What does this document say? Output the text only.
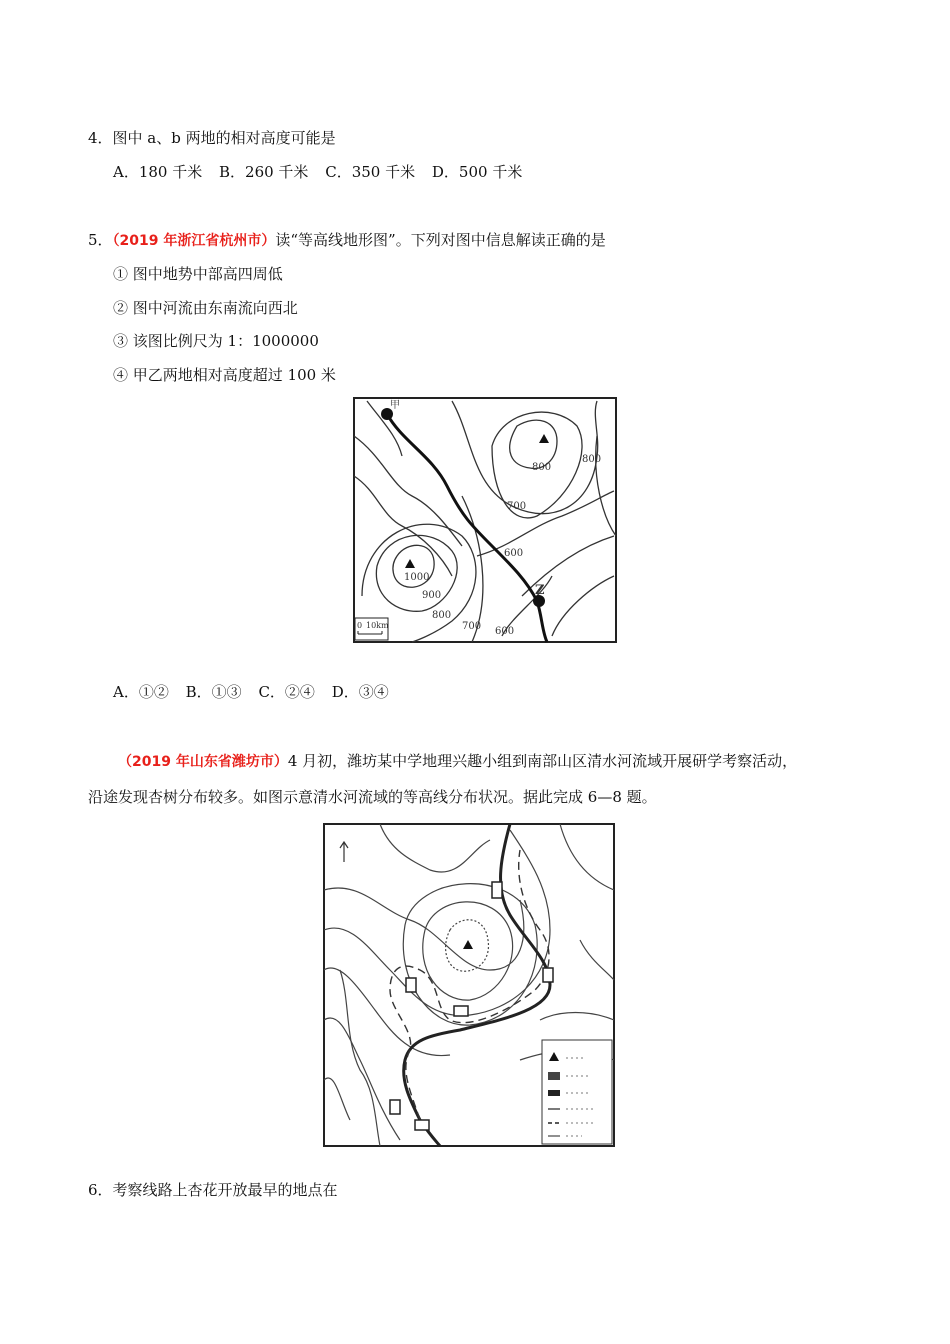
4．图中 a、b 两地的相对高度可能是
A．180 千米 B．260 千米 C．350 千米 D．500 千米
5．（2019 年浙江省杭州市）读“等高线地形图”。下列对图中信息解读正确的是
① 图中地势中部高四周低
② 图中河流由东南流向西北
③ 该图比例尺为 1：1000000
④ 甲乙两地相对高度超过 100 米
甲
Z
800
800
700
600
1000
900
800
700 600
0 10km
A．①② B．①③ C．②④ D．③④
（2019 年山东省潍坊市）4 月初，潍坊某中学地理兴趣小组到南部山区清水河流域开展研学考察活动，
沿途发现杏树分布较多。如图示意清水河流域的等高线分布状况。据此完成 6—8 题。
6．考察线路上杏花开放最早的地点在
